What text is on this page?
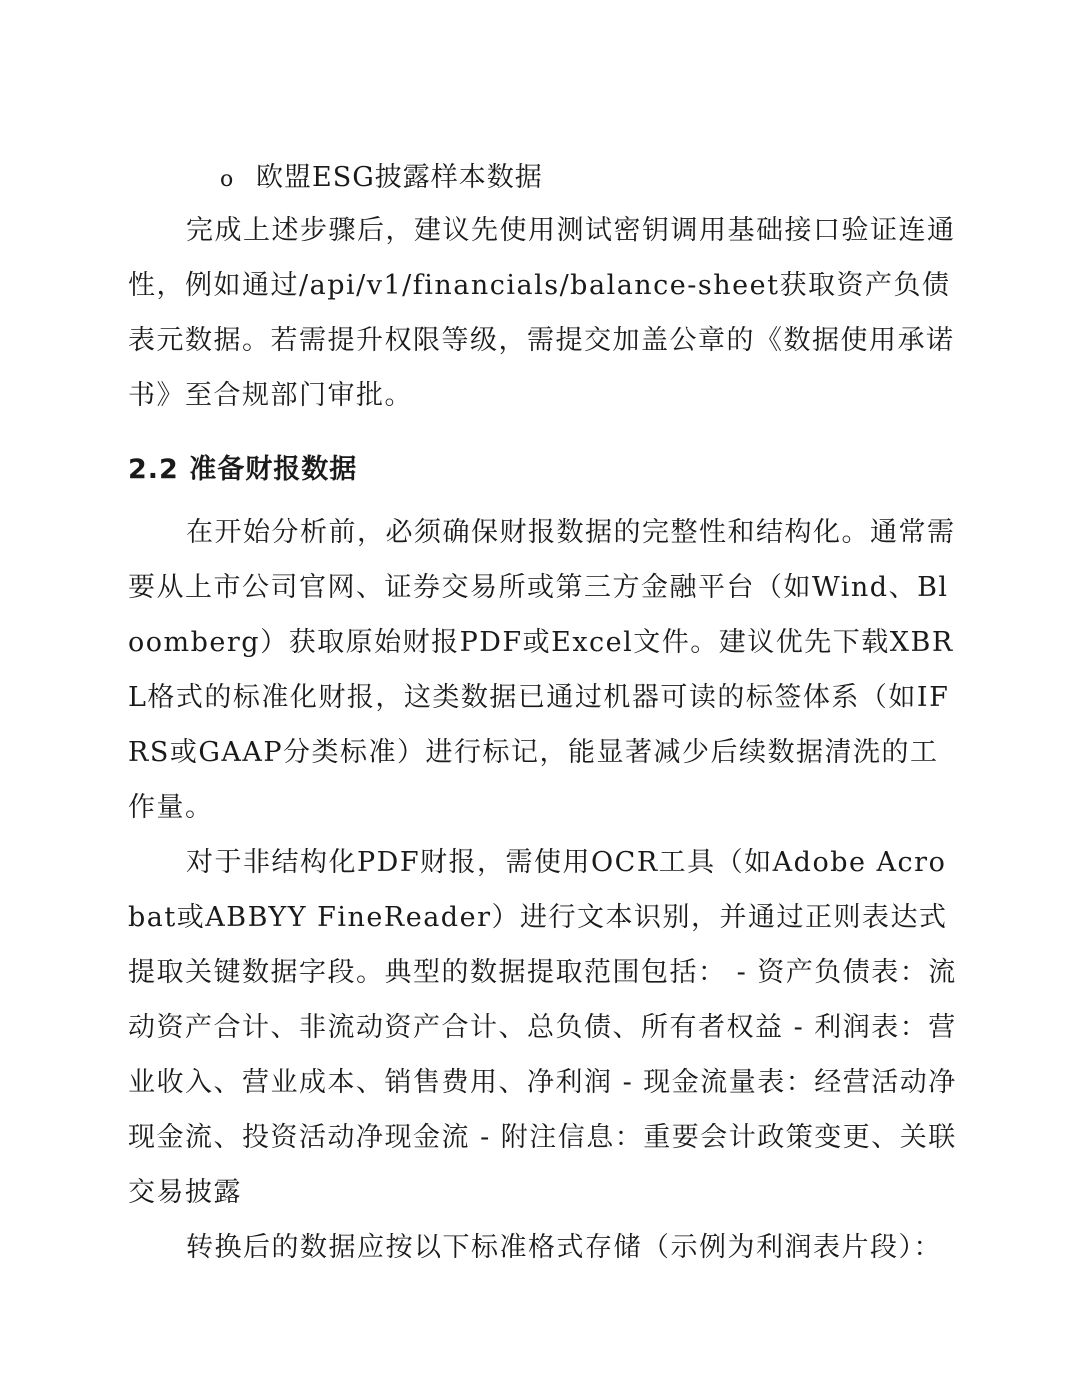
o 欧盟ESG披露样本数据

完成上述步骤后，建议先使用测试密钥调用基础接口验证连通性，例如通过/api/v1/financials/balance-sheet获取资产负债表元数据。若需提升权限等级，需提交加盖公章的《数据使用承诺书》至合规部门审批。

2.2 准备财报数据

在开始分析前，必须确保财报数据的完整性和结构化。通常需要从上市公司官网、证券交易所或第三方金融平台（如Wind、Bloomberg）获取原始财报PDF或Excel文件。建议优先下载XBRL格式的标准化财报，这类数据已通过机器可读的标签体系（如IFRS或GAAP分类标准）进行标记，能显著减少后续数据清洗的工作量。

对于非结构化PDF财报，需使用OCR工具（如Adobe Acrobat或ABBYY FineReader）进行文本识别，并通过正则表达式提取关键数据字段。典型的数据提取范围包括： - 资产负债表：流动资产合计、非流动资产合计、总负债、所有者权益 - 利润表：营业收入、营业成本、销售费用、净利润 - 现金流量表：经营活动净现金流、投资活动净现金流 - 附注信息：重要会计政策变更、关联交易披露

转换后的数据应按以下标准格式存储（示例为利润表片段）：
